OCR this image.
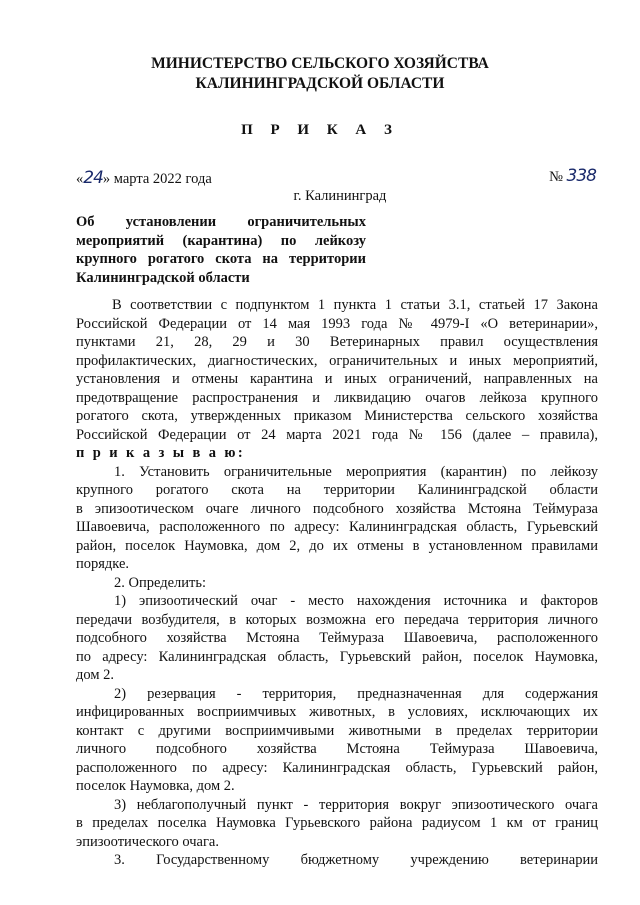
МИНИСТЕРСТВО СЕЛЬСКОГО ХОЗЯЙСТВА
КАЛИНИНГРАДСКОЙ ОБЛАСТИ
П Р И К А З
«24» марта 2022 года	№ 338
г. Калининград
Об установлении ограничительных
мероприятий (карантина) по лейкозу
крупного рогатого скота на территории
Калининградской области
В соответствии с подпунктом 1 пункта 1 статьи 3.1, статьей 17 Закона
Российской Федерации от 14 мая 1993 года № 4979-I «О ветеринарии»,
пунктами 21, 28, 29 и 30 Ветеринарных правил осуществления
профилактических, диагностических, ограничительных и иных мероприятий,
установления и отмены карантина и иных ограничений, направленных на
предотвращение распространения и ликвидацию очагов лейкоза крупного
рогатого скота, утвержденных приказом Министерства сельского хозяйства
Российской Федерации от 24 марта 2021 года № 156 (далее – правила),
п р и к а з ы в а ю:
1. Установить ограничительные мероприятия (карантин) по лейкозу
крупного рогатого скота на территории Калининградской области
в эпизоотическом очаге личного подсобного хозяйства Мстояна Теймураза
Шавоевича, расположенного по адресу: Калининградская область, Гурьевский
район, поселок Наумовка, дом 2, до их отмены в установленном правилами
порядке.
2. Определить:
1) эпизоотический очаг - место нахождения источника и факторов
передачи возбудителя, в которых возможна его передача территория личного
подсобного хозяйства Мстояна Теймураза Шавоевича, расположенного
по адресу: Калининградская область, Гурьевский район, поселок Наумовка,
дом 2.
2) резервация - территория, предназначенная для содержания
инфицированных восприимчивых животных, в условиях, исключающих их
контакт с другими восприимчивыми животными в пределах территории
личного подсобного хозяйства Мстояна Теймураза Шавоевича,
расположенного по адресу: Калининградская область, Гурьевский район,
поселок Наумовка, дом 2.
3) неблагополучный пункт - территория вокруг эпизоотического очага
в пределах поселка Наумовка Гурьевского района радиусом 1 км от границ
эпизоотического очага.
3. Государственному бюджетному учреждению ветеринарии
